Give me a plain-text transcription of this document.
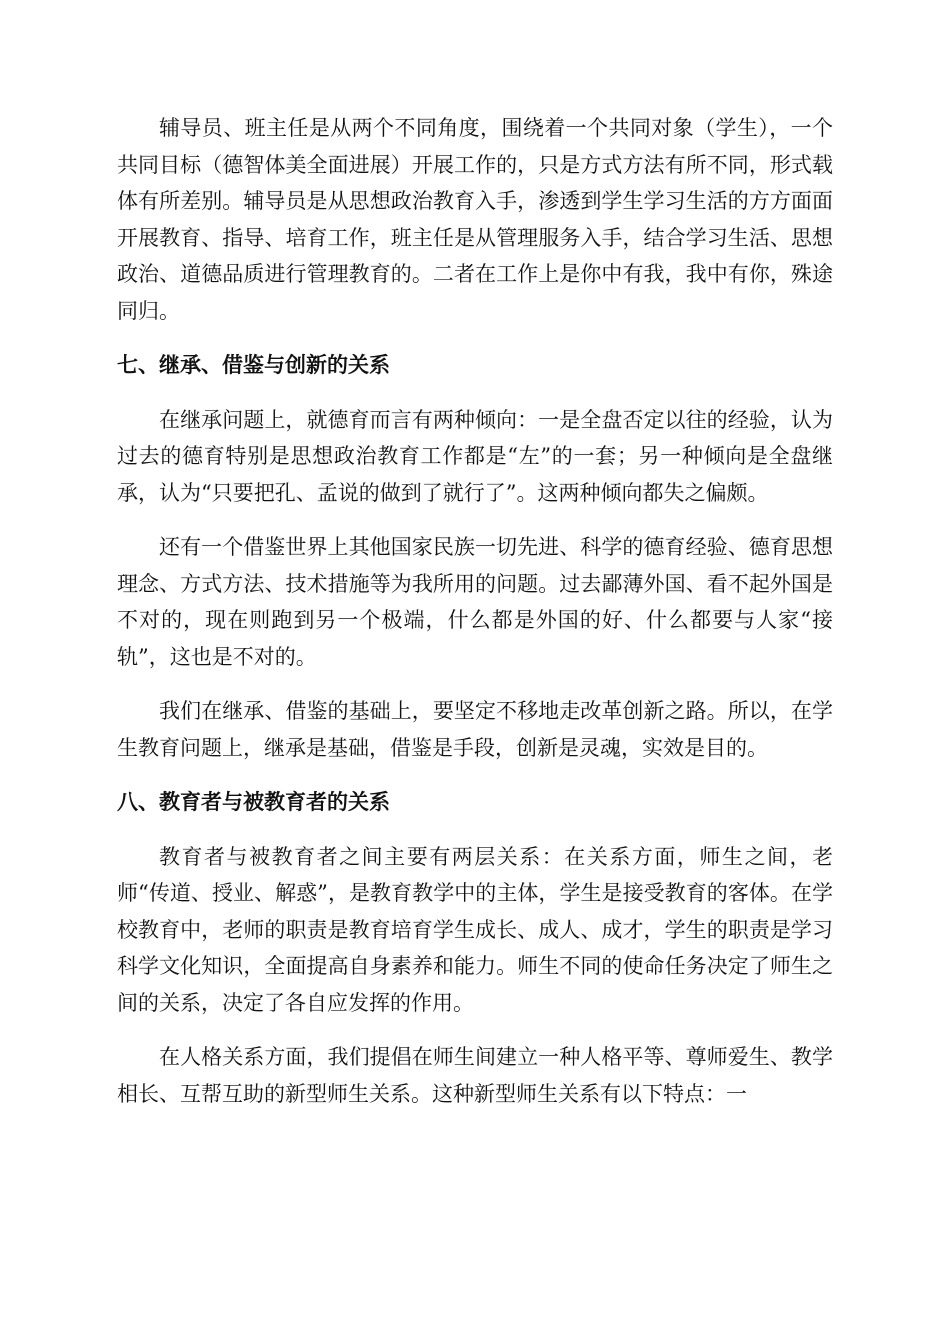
辅导员、班主任是从两个不同角度，围绕着一个共同对象（学生），一个共同目标（德智体美全面进展）开展工作的，只是方式方法有所不同，形式载体有所差别。辅导员是从思想政治教育入手，渗透到学生学习生活的方方面面开展教育、指导、培育工作，班主任是从管理服务入手，结合学习生活、思想政治、道德品质进行管理教育的。二者在工作上是你中有我，我中有你，殊途同归。

七、继承、借鉴与创新的关系

在继承问题上，就德育而言有两种倾向：一是全盘否定以往的经验，认为过去的德育特别是思想政治教育工作都是“左”的一套；另一种倾向是全盘继承，认为“只要把孔、孟说的做到了就行了”。这两种倾向都失之偏颇。

还有一个借鉴世界上其他国家民族一切先进、科学的德育经验、德育思想理念、方式方法、技术措施等为我所用的问题。过去鄙薄外国、看不起外国是不对的，现在则跑到另一个极端，什么都是外国的好、什么都要与人家“接轨”，这也是不对的。

我们在继承、借鉴的基础上，要坚定不移地走改革创新之路。所以，在学生教育问题上，继承是基础，借鉴是手段，创新是灵魂，实效是目的。

八、教育者与被教育者的关系

教育者与被教育者之间主要有两层关系：在关系方面，师生之间，老师“传道、授业、解惑”，是教育教学中的主体，学生是接受教育的客体。在学校教育中，老师的职责是教育培育学生成长、成人、成才，学生的职责是学习科学文化知识，全面提高自身素养和能力。师生不同的使命任务决定了师生之间的关系，决定了各自应发挥的作用。

在人格关系方面，我们提倡在师生间建立一种人格平等、尊师爱生、教学相长、互帮互助的新型师生关系。这种新型师生关系有以下特点：一
